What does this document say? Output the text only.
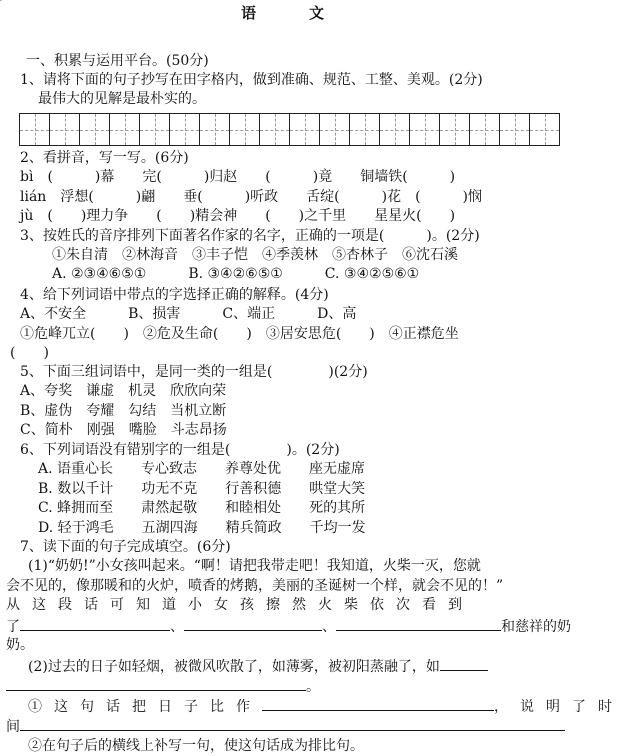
语　　　文
一、积累与运用平台。(50分)
1、请将下面的句子抄写在田字格内，做到准确、规范、工整、美观。(2分)
最伟大的见解是最朴实的。
2、看拼音，写一写。(6分)
bì　(　　　)幕　　完(　　　)归赵　　(　　　)竟　　铜墙铁(　　　)
lián　浮想(　　　)翩　　垂(　　　)听政　　舌绽(　　　)花　(　　　)悯
jù　(　　)理力争　　(　　)精会神　　(　　)之千里　　星星火(　　)
3、按姓氏的音序排列下面著名作家的名字，正确的一项是(　　　)。(2分)
①朱自清　②林海音　③丰子恺　④季羡林　⑤杏林子　⑥沈石溪
A. ②③④⑥⑤①　　　B. ③④②⑥⑤①　　　C. ③④②⑤⑥①
4、给下列词语中带点的字选择正确的解释。(4分)
A、不安全　　　B、损害　　　C、端正　　　D、高
①危峰兀立(　　)　②危及生命(　　)　③居安思危(　　)　④正襟危坐
(　　)
5、下面三组词语中，是同一类的一组是(　　　　)(2分)
A、夸奖　谦虚　机灵　欣欣向荣
B、虚伪　夸耀　勾结　当机立断
C、简朴　刚强　嘴脸　斗志昂扬
6、下列词语没有错别字的一组是(　　　　)。(2分)
A. 语重心长　　专心致志　　养尊处优　　座无虚席
B. 数以千计　　功无不克　　行善积德　　哄堂大笑
C. 蜂拥而至　　肃然起敬　　和睦相处　　死的其所
D. 轻于鸿毛　　五湖四海　　精兵简政　　千均一发
7、读下面的句子完成填空。(6分)
(1)“奶奶!”小女孩叫起来。“啊！请把我带走吧！我知道，火柴一灭，您就
会不见的，像那暖和的火炉，喷香的烤鹅，美丽的圣诞树一个样，就会不见的！”
从这段话可知道小女孩擦然火柴依次看到
了	、	、	和慈祥的奶
奶。
(2)过去的日子如轻烟，被微风吹散了，如薄雾，被初阳蒸融了，如
。
①这句话把日子比作	，说明了时
间
②在句子后的横线上补写一句，使这句话成为排比句。
